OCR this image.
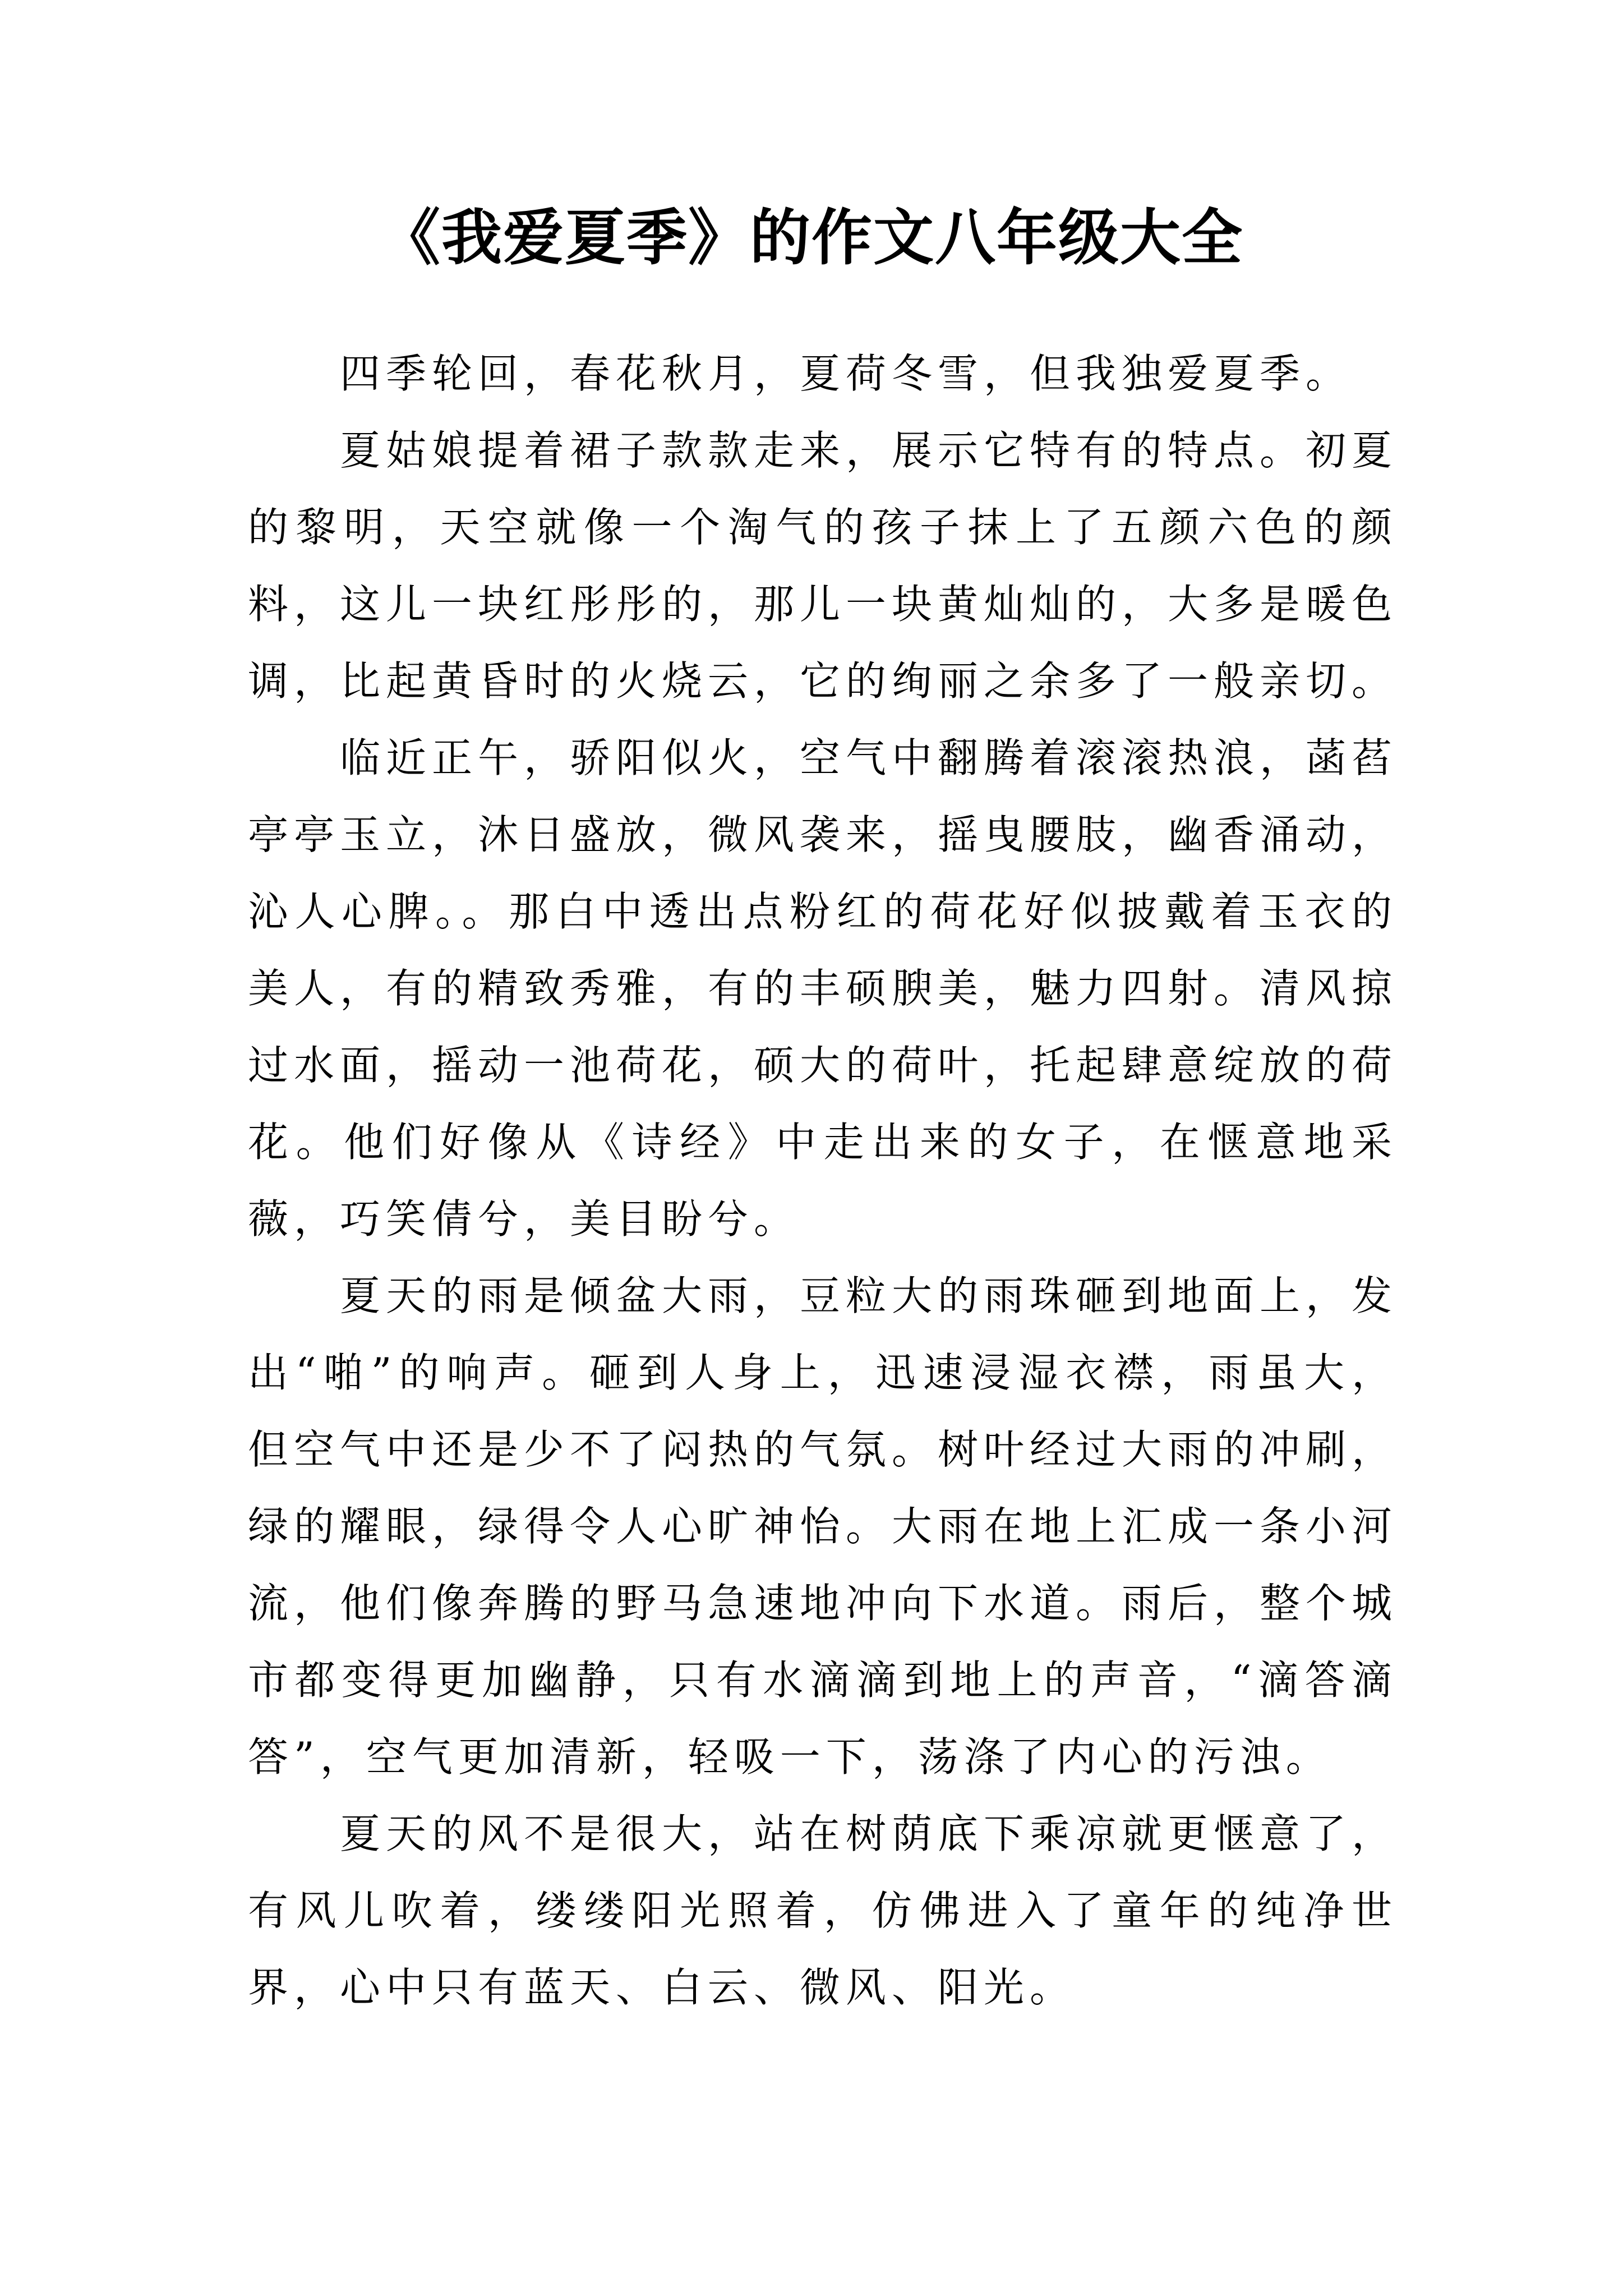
《我爱夏季》的作文八年级大全

四季轮回，春花秋月，夏荷冬雪，但我独爱夏季。

夏姑娘提着裙子款款走来，展示它特有的特点。初夏的黎明，天空就像一个淘气的孩子抹上了五颜六色的颜料，这儿一块红彤彤的，那儿一块黄灿灿的，大多是暖色调，比起黄昏时的火烧云，它的绚丽之余多了一般亲切。

临近正午，骄阳似火，空气中翻腾着滚滚热浪，菡萏亭亭玉立，沐日盛放，微风袭来，摇曳腰肢，幽香涌动，沁人心脾。。那白中透出点粉红的荷花好似披戴着玉衣的美人，有的精致秀雅，有的丰硕腴美，魅力四射。清风掠过水面，摇动一池荷花，硕大的荷叶，托起肆意绽放的荷花。他们好像从《诗经》中走出来的女子，在惬意地采薇，巧笑倩兮，美目盼兮。

夏天的雨是倾盆大雨，豆粒大的雨珠砸到地面上，发出“啪”的响声。砸到人身上，迅速浸湿衣襟，雨虽大，但空气中还是少不了闷热的气氛。树叶经过大雨的冲刷，绿的耀眼，绿得令人心旷神怡。大雨在地上汇成一条小河流，他们像奔腾的野马急速地冲向下水道。雨后，整个城市都变得更加幽静，只有水滴滴到地上的声音，“滴答滴答”，空气更加清新，轻吸一下，荡涤了内心的污浊。

夏天的风不是很大，站在树荫底下乘凉就更惬意了，有风儿吹着，缕缕阳光照着，仿佛进入了童年的纯净世界，心中只有蓝天、白云、微风、阳光。
